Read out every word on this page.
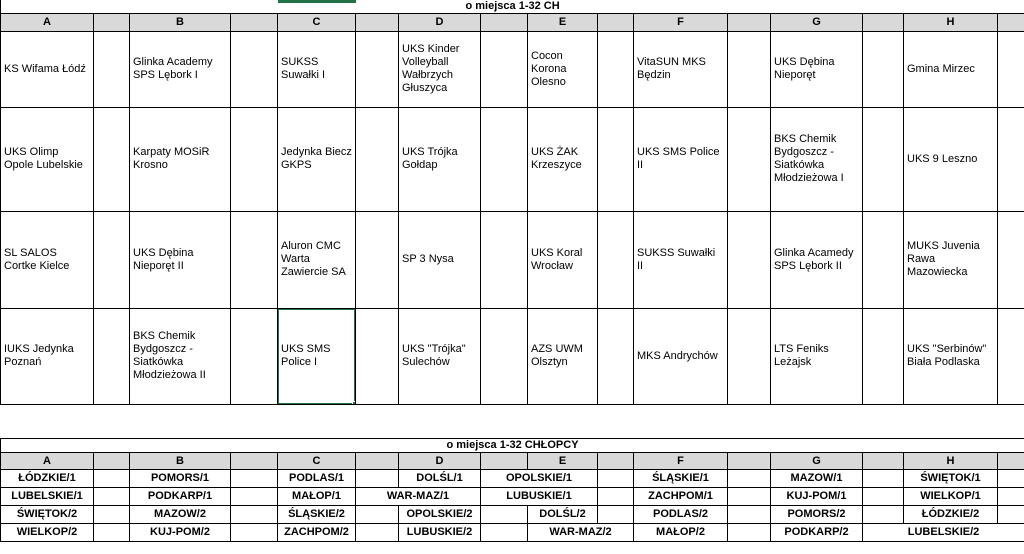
o miejsca 1-32 CH															
A		B		C		D		E		F		G		H	
KS Wifama Łódź		Glinka Academy SPS Lębork I		SUKSS Suwałki I		UKS Kinder Volleyball Wałbrzych Głuszyca		Cocon Korona Olesno		VitaSUN MKS Będzin		UKS Dębina Nieporęt		Gmina Mirzec	
UKS Olimp Opole Lubelskie		Karpaty MOSiR Krosno		Jedynka Biecz GKPS		UKS Trójka Gołdap		UKS ŻAK Krzeszyce		UKS SMS Police II		BKS Chemik Bydgoszcz - Siatkówka Młodzieżowa I		UKS 9 Leszno	
SL SALOS Cortke Kielce		UKS Dębina Nieporęt II		Aluron CMC Warta Zawiercie SA		SP 3 Nysa		UKS Koral Wrocław		SUKSS Suwałki II		Glinka Acamedy SPS Lębork II		MUKS Juvenia Rawa Mazowiecka	
IUKS Jedynka Poznań		BKS Chemik Bydgoszcz - Siatkówka Młodzieżowa II		UKS SMS Police I		UKS "Trójka" Sulechów		AZS UWM Olsztyn		MKS Andrychów		LTS Feniks Leżajsk		UKS "Serbinów" Biała Podlaska	
o miejsca 1-32 CHŁOPCY															
A		B		C		D		E		F		G		H	
ŁÓDZKIE/1		POMORS/1		PODLAS/1		DOLŚL/1	OPOLSKIE/1			ŚLĄSKIE/1		MAZOW/1		ŚWIĘTOK/1	
LUBELSKIE/1		PODKARP/1		MAŁOP/1	WAR-MAZ/1		LUBUSKIE/1			ZACHPOM/1		KUJ-POM/1		WIELKOP/1	
ŚWIĘTOK/2		MAZOW/2		ŚLĄSKIE/2		OPOLSKIE/2		DOLŚL/2		PODLAS/2		POMORS/2		ŁÓDZKIE/2	
WIELKOP/2		KUJ-POM/2		ZACHPOM/2		LUBUSKIE/2		WAR-MAZ/2		MAŁOP/2		PODKARP/2	LUBELSKIE/2		
